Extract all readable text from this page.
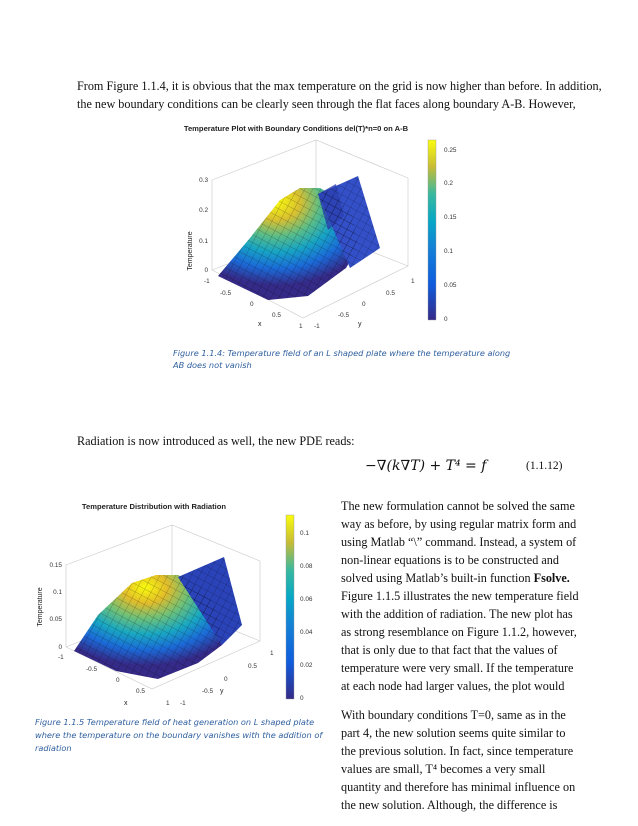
From Figure 1.1.4, it is obvious that the max temperature on the grid is now higher than before. In addition,
the new boundary conditions can be clearly seen through the flat faces along boundary A-B. However,
Temperature Plot with Boundary Conditions del(T)*n=0 on A-B
0
0.1
0.2
0.3
Temperature
-1
-0.5
0
0.5
1
x	-1
-0.5
0
0.5
1
y
0
0.05
0.1
0.15
0.2
0.25
Figure 1.1.4: Temperature field of an L shaped plate where the temperature along
AB does not vanish
Radiation is now introduced as well, the new PDE reads:
−∇(k∇T) + T⁴ = f	(1.1.12)
Temperature Distribution with Radiation
0
0.05
0.1
0.15
Temperature
-1
-0.5
0
0.5
1
x	-1
-0.5
0
0.5
1
y
0
0.02
0.04
0.06
0.08
0.1
Figure 1.1.5 Temperature field of heat generation on L shaped plate
where the temperature on the boundary vanishes with the addition of
radiation
The new formulation cannot be solved the same
way as before, by using regular matrix form and
using Matlab “\” command. Instead, a system of
non-linear equations is to be constructed and
solved using Matlab’s built-in function Fsolve.
Figure 1.1.5 illustrates the new temperature field
with the addition of radiation. The new plot has
as strong resemblance on Figure 1.1.2, however,
that is only due to that fact that the values of
temperature were very small. If the temperature
at each node had larger values, the plot would
With boundary conditions T=0, same as in the
part 4, the new solution seems quite similar to
the previous solution. In fact, since temperature
values are small, T⁴ becomes a very small
quantity and therefore has minimal influence on
the new solution. Although, the difference is
